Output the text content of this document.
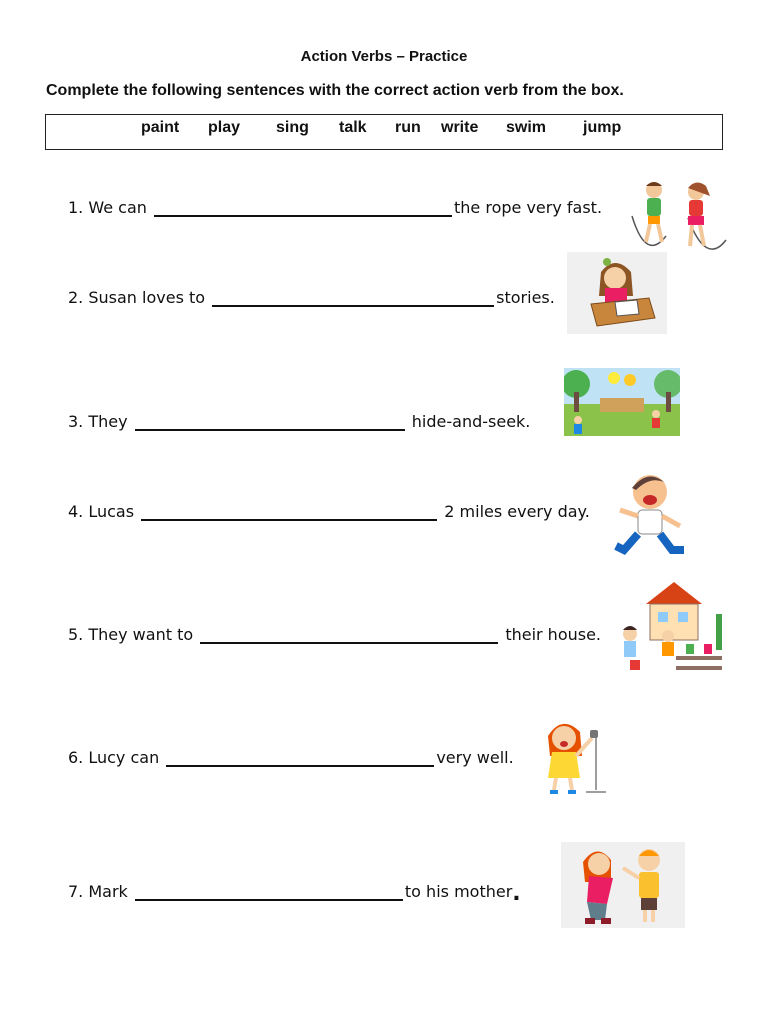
Action Verbs – Practice
Complete the following sentences with the correct action verb from the box.
paint play sing talk run write swim jump
1.
We can
	the rope very fast.
2.
Susan loves to
	stories.
3.
They

	hide-and-seek.
4.
Lucas

	2 miles every day.
5.
They want to

	their house.
6.
Lucy can
	very well.
7.
Mark
	to his mother .
